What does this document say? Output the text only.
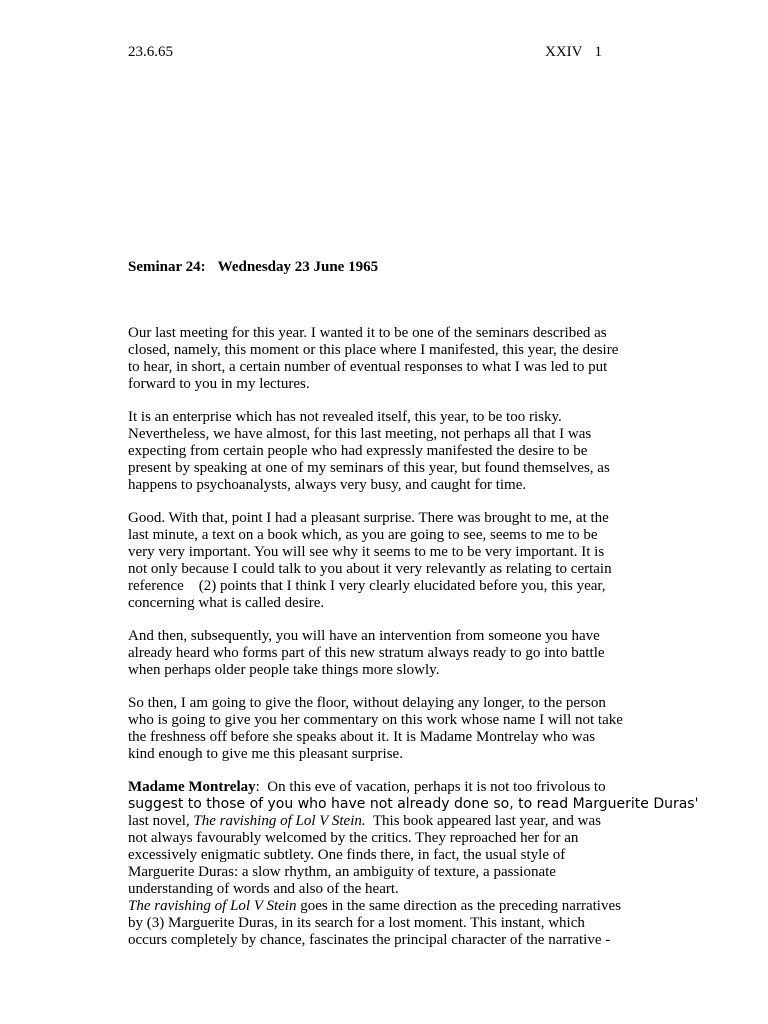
23.6.65	XXIV 1
Seminar 24: Wednesday 23 June 1965
Our last meeting for this year. I wanted it to be one of the seminars described as
closed, namely, this moment or this place where I manifested, this year, the desire
to hear, in short, a certain number of eventual responses to what I was led to put
forward to you in my lectures.
It is an enterprise which has not revealed itself, this year, to be too risky.
Nevertheless, we have almost, for this last meeting, not perhaps all that I was
expecting from certain people who had expressly manifested the desire to be
present by speaking at one of my seminars of this year, but found themselves, as
happens to psychoanalysts, always very busy, and caught for time.
Good. With that, point I had a pleasant surprise. There was brought to me, at the
last minute, a text on a book which, as you are going to see, seems to me to be
very very important. You will see why it seems to me to be very important. It is
not only because I could talk to you about it very relevantly as relating to certain
reference    (2) points that I think I very clearly elucidated before you, this year,
concerning what is called desire.
And then, subsequently, you will have an intervention from someone you have
already heard who forms part of this new stratum always ready to go into battle
when perhaps older people take things more slowly.
So then, I am going to give the floor, without delaying any longer, to the person
who is going to give you her commentary on this work whose name I will not take
the freshness off before she speaks about it. It is Madame Montrelay who was
kind enough to give me this pleasant surprise.
Madame Montrelay:  On this eve of vacation, perhaps it is not too frivolous to
suggest to those of you who have not already done so, to read Marguerite Duras'
last novel, The ravishing of Lol V Stein.  This book appeared last year, and was
not always favourably welcomed by the critics. They reproached her for an
excessively enigmatic subtlety. One finds there, in fact, the usual style of
Marguerite Duras: a slow rhythm, an ambiguity of texture, a passionate
understanding of words and also of the heart.
The ravishing of Lol V Stein goes in the same direction as the preceding narratives
by (3) Marguerite Duras, in its search for a lost moment. This instant, which
occurs completely by chance, fascinates the principal character of the narrative -
